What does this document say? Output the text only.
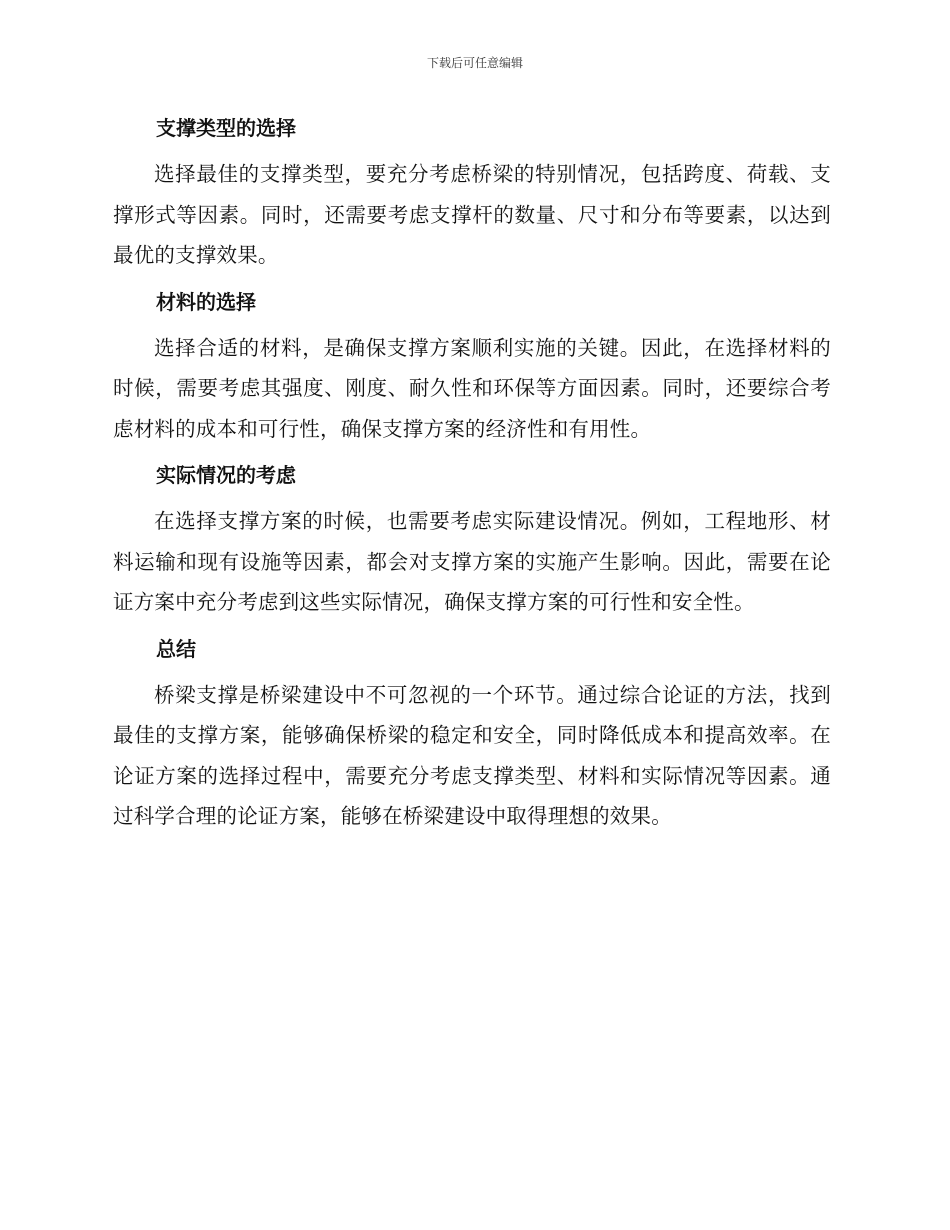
下载后可任意编辑
支撑类型的选择

选择最佳的支撑类型，要充分考虑桥梁的特别情况，包括跨度、荷载、支撑形式等因素。同时，还需要考虑支撑杆的数量、尺寸和分布等要素，以达到最优的支撑效果。

材料的选择

选择合适的材料，是确保支撑方案顺利实施的关键。因此，在选择材料的时候，需要考虑其强度、刚度、耐久性和环保等方面因素。同时，还要综合考虑材料的成本和可行性，确保支撑方案的经济性和有用性。

实际情况的考虑

在选择支撑方案的时候，也需要考虑实际建设情况。例如，工程地形、材料运输和现有设施等因素，都会对支撑方案的实施产生影响。因此，需要在论证方案中充分考虑到这些实际情况，确保支撑方案的可行性和安全性。

总结

桥梁支撑是桥梁建设中不可忽视的一个环节。通过综合论证的方法，找到最佳的支撑方案，能够确保桥梁的稳定和安全，同时降低成本和提高效率。在论证方案的选择过程中，需要充分考虑支撑类型、材料和实际情况等因素。通过科学合理的论证方案，能够在桥梁建设中取得理想的效果。
